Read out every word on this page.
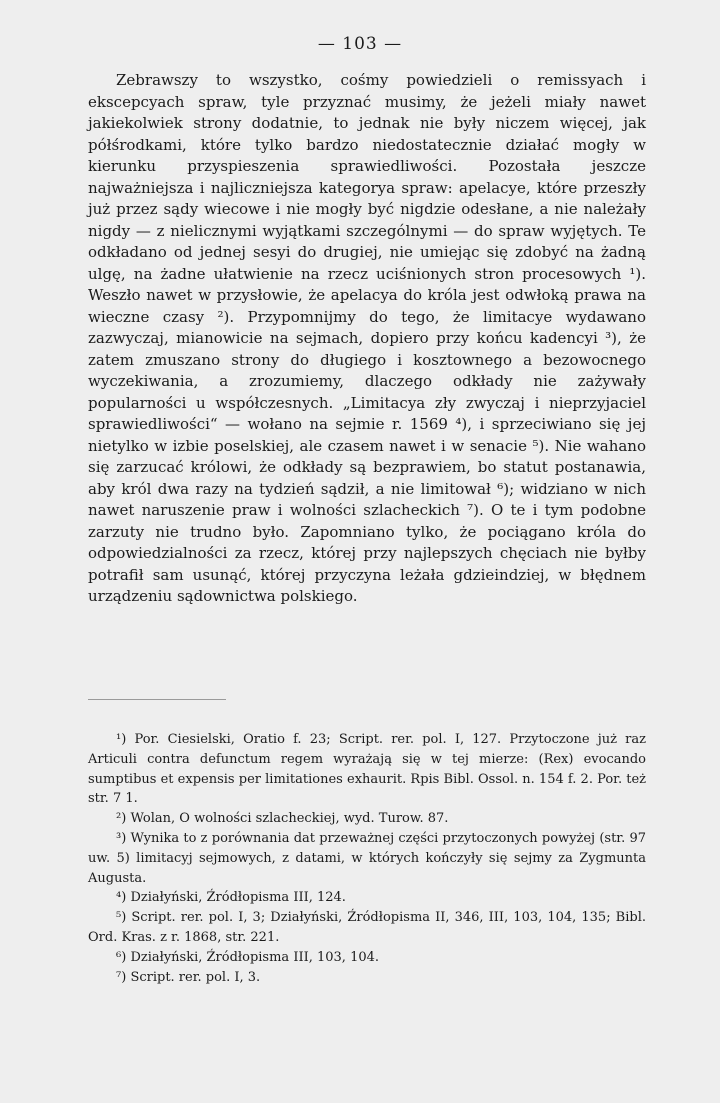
— 103 —

Zebrawszy to wszystko, cośmy powiedzieli o remissyach i ekscepcyach spraw, tyle przyznać musimy, że jeżeli miały nawet jakiekolwiek strony dodatnie, to jednak nie były niczem więcej, jak półśrodkami, które tylko bardzo niedostatecznie działać mogły w kierunku przyspieszenia sprawiedliwości. Pozostała jeszcze najważniejsza i najliczniejsza kategorya spraw: apelacye, które przeszły już przez sądy wiecowe i nie mogły być nigdzie odesłane, a nie należały nigdy — z nielicznymi wyjątkami szczególnymi — do spraw wyjętych. Te odkładano od jednej sesyi do drugiej, nie umiejąc się zdobyć na żadną ulgę, na żadne ułatwienie na rzecz uciśnionych stron procesowych ¹). Weszło nawet w przysłowie, że apelacya do króla jest odwłoką prawa na wieczne czasy ²). Przypomnijmy do tego, że limitacye wydawano zazwyczaj, mianowicie na sejmach, dopiero przy końcu kadencyi ³), że zatem zmuszano strony do długiego i kosztownego a bezowocnego wyczekiwania, a zrozumiemy, dlaczego odkłady nie zażywały popularności u współczesnych. „Limitacya zły zwyczaj i nieprzyjaciel sprawiedliwości“ — wołano na sejmie r. 1569 ⁴), i sprzeciwiano się jej nietylko w izbie poselskiej, ale czasem nawet i w senacie ⁵). Nie wahano się zarzucać królowi, że odkłady są bezprawiem, bo statut postanawia, aby król dwa razy na tydzień sądził, a nie limitował ⁶); widziano w nich nawet naruszenie praw i wolności szlacheckich ⁷). O te i tym podobne zarzuty nie trudno było. Zapomniano tylko, że pociągano króla do odpowiedzialności za rzecz, której przy najlepszych chęciach nie byłby potrafił sam usunąć, której przyczyna leżała gdzieindziej, w błędnem urządzeniu sądownictwa polskiego.

¹) Por. Ciesielski, Oratio f. 23; Script. rer. pol. I, 127. Przytoczone już raz Articuli contra defunctum regem wyrażają się w tej mierze: (Rex) evocando sumptibus et expensis per limitationes exhaurit. Rpis Bibl. Ossol. n. 154 f. 2. Por. też str. 7 1.

²) Wolan, O wolności szlacheckiej, wyd. Turow. 87.

³) Wynika to z porównania dat przeważnej części przytoczonych powyżej (str. 97 uw. 5) limitacyj sejmowych, z datami, w których kończyły się sejmy za Zygmunta Augusta.

⁴) Działyński, Źródłopisma III, 124.

⁵) Script. rer. pol. I, 3; Działyński, Źródłopisma II, 346, III, 103, 104, 135; Bibl. Ord. Kras. z r. 1868, str. 221.

⁶) Działyński, Źródłopisma III, 103, 104.

⁷) Script. rer. pol. I, 3.
